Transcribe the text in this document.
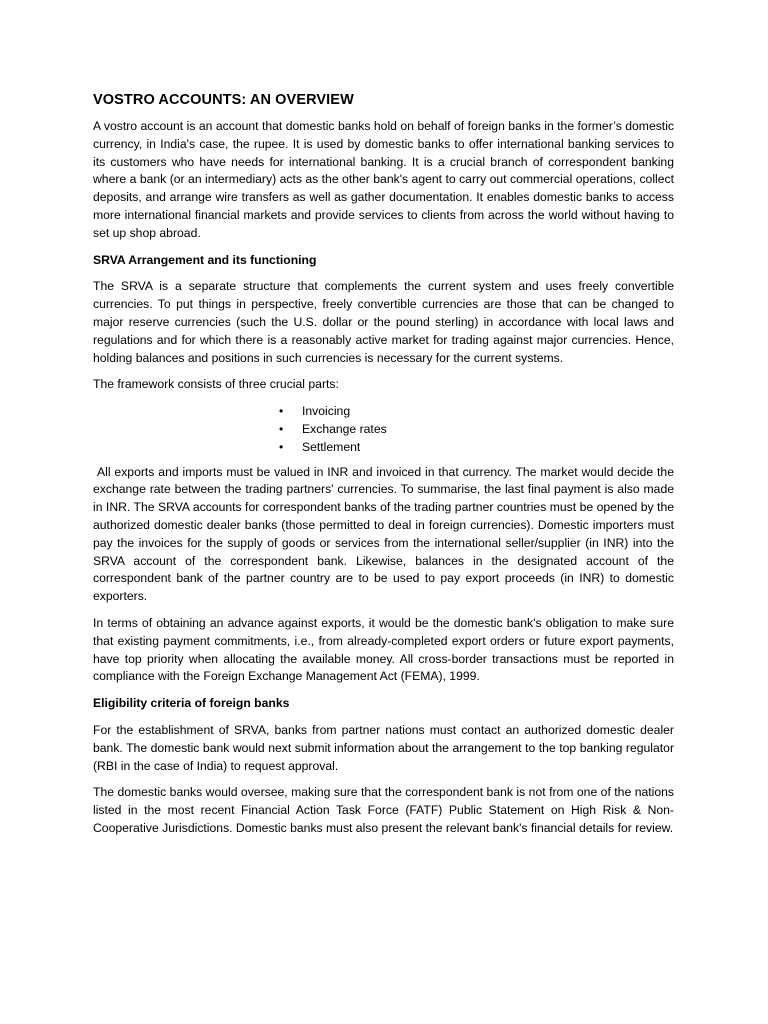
VOSTRO ACCOUNTS: AN OVERVIEW

A vostro account is an account that domestic banks hold on behalf of foreign banks in the former’s domestic currency, in India's case, the rupee. It is used by domestic banks to offer international banking services to its customers who have needs for international banking. It is a crucial branch of correspondent banking where a bank (or an intermediary) acts as the other bank's agent to carry out commercial operations, collect deposits, and arrange wire transfers as well as gather documentation. It enables domestic banks to access more international financial markets and provide services to clients from across the world without having to set up shop abroad.

SRVA Arrangement and its functioning

The SRVA is a separate structure that complements the current system and uses freely convertible currencies. To put things in perspective, freely convertible currencies are those that can be changed to major reserve currencies (such the U.S. dollar or the pound sterling) in accordance with local laws and regulations and for which there is a reasonably active market for trading against major currencies. Hence, holding balances and positions in such currencies is necessary for the current systems.

The framework consists of three crucial parts:

• Invoicing
• Exchange rates
• Settlement

All exports and imports must be valued in INR and invoiced in that currency. The market would decide the exchange rate between the trading partners' currencies. To summarise, the last final payment is also made in INR. The SRVA accounts for correspondent banks of the trading partner countries must be opened by the authorized domestic dealer banks (those permitted to deal in foreign currencies). Domestic importers must pay the invoices for the supply of goods or services from the international seller/supplier (in INR) into the SRVA account of the correspondent bank. Likewise, balances in the designated account of the correspondent bank of the partner country are to be used to pay export proceeds (in INR) to domestic exporters.

In terms of obtaining an advance against exports, it would be the domestic bank's obligation to make sure that existing payment commitments, i.e., from already-completed export orders or future export payments, have top priority when allocating the available money. All cross-border transactions must be reported in compliance with the Foreign Exchange Management Act (FEMA), 1999.

Eligibility criteria of foreign banks

For the establishment of SRVA, banks from partner nations must contact an authorized domestic dealer bank. The domestic bank would next submit information about the arrangement to the top banking regulator (RBI in the case of India) to request approval.

The domestic banks would oversee, making sure that the correspondent bank is not from one of the nations listed in the most recent Financial Action Task Force (FATF) Public Statement on High Risk & Non-Cooperative Jurisdictions. Domestic banks must also present the relevant bank's financial details for review.
